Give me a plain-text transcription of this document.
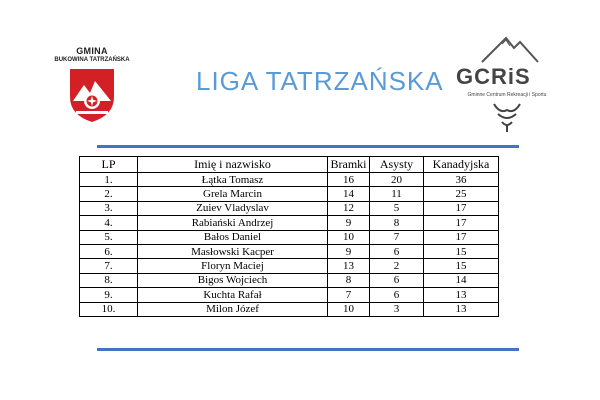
GMINA
BUKOWINA TATRZAŃSKA
LIGA TATRZAŃSKA GCRiS
Gminne Centrum Rekreacji i Sportu
LP	Imię i nazwisko	Bramki	Asysty	Kanadyjska
1.	Łątka Tomasz	16	20	36
2.	Grela Marcin	14	11	25
3.	Zuiev Vladyslav	12	5	17
4.	Rabiański Andrzej	9	8	17
5.	Bałos Daniel	10	7	17
6.	Masłowski Kacper	9	6	15
7.	Floryn Maciej	13	2	15
8.	Bigos Wojciech	8	6	14
9.	Kuchta Rafał	7	6	13
10.	Milon Józef	10	3	13
